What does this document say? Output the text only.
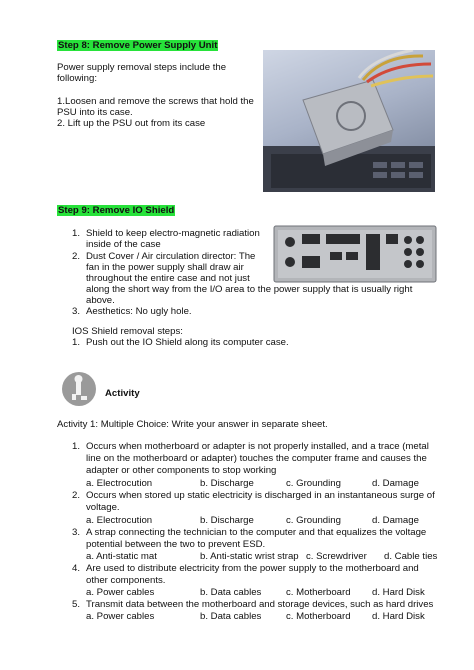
Step 8: Remove Power Supply Unit
Power supply removal steps include the
following:
1.Loosen and remove the screws that hold the
PSU into its case.
2. Lift up the PSU out from its case
Step 9: Remove IO Shield
1. Shield to keep electro-magnetic radiation
inside of the case
2. Dust Cover / Air circulation director: The
fan in the power supply shall draw air
throughout the entire case and not just
along the short way from the I/O area to the power supply that is usually right
above.
3. Aesthetics: No ugly hole.
IOS Shield removal steps:
1. Push out the IO Shield along its computer case.
Activity
Activity 1: Multiple Choice: Write your answer in separate sheet.
1. Occurs when motherboard or adapter is not properly installed, and a trace (metal
line on the motherboard or adapter) touches the computer frame and causes the
adapter or other components to stop working
a. Electrocution	b. Discharge	c. Grounding	d. Damage
2. Occurs when stored up static electricity is discharged in an instantaneous surge of
voltage.
a. Electrocution	b. Discharge	c. Grounding	d. Damage
3. A strap connecting the technician to the computer and that equalizes the voltage
potential between the two to prevent ESD.
a. Anti-static mat	b. Anti-static wrist strap c. Screwdriver d. Cable ties
4. Are used to distribute electricity from the power supply to the motherboard and
other components.
a. Power cables	b. Data cables	c. Motherboard d. Hard Disk
5. Transmit data between the motherboard and storage devices, such as hard drives
a. Power cables	b. Data cables	c. Motherboard d. Hard Disk
